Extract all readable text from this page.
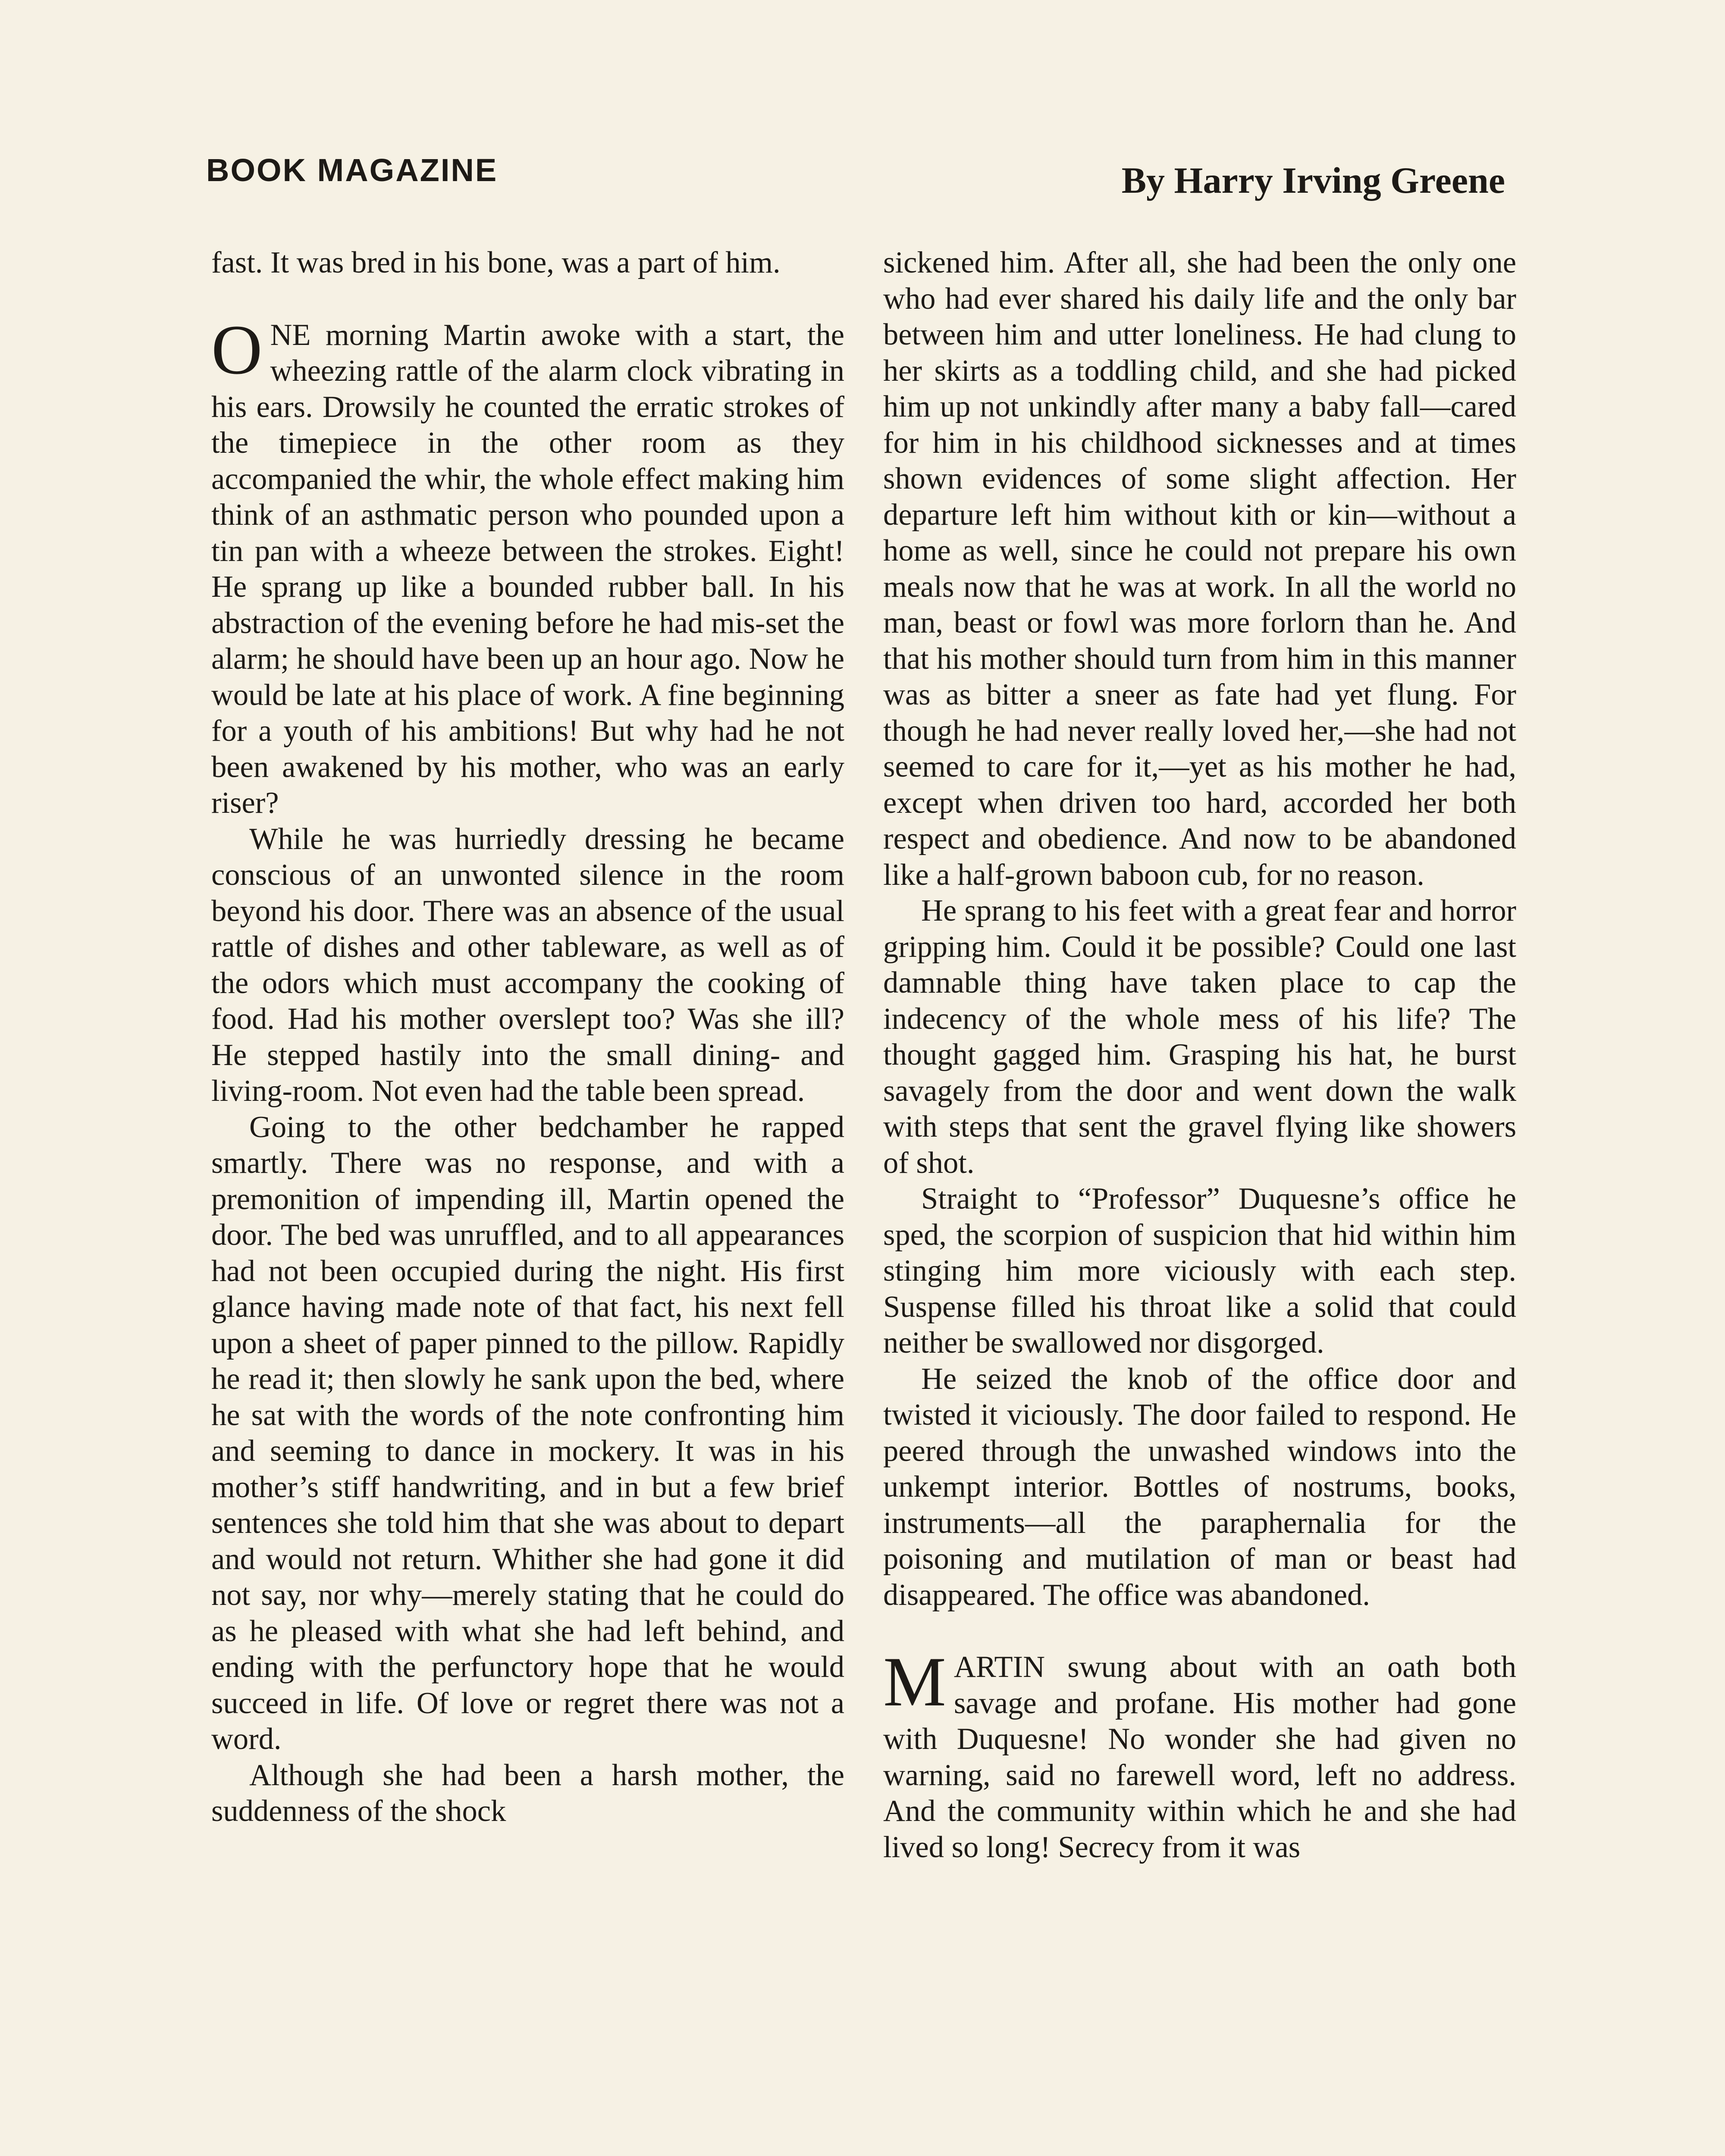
BOOK MAGAZINE	By Harry Irving Greene

fast. It was bred in his bone, was a part of him.

ONE morning Martin awoke with a start, the wheezing rattle of the alarm clock vibrating in his ears. Drowsily he counted the erratic strokes of the timepiece in the other room as they accompanied the whir, the whole effect making him think of an asthmatic person who pounded upon a tin pan with a wheeze between the strokes. Eight! He sprang up like a bounded rubber ball. In his abstraction of the evening before he had mis-set the alarm; he should have been up an hour ago. Now he would be late at his place of work. A fine beginning for a youth of his ambitions! But why had he not been awakened by his mother, who was an early riser?

While he was hurriedly dressing he became conscious of an unwonted silence in the room beyond his door. There was an absence of the usual rattle of dishes and other tableware, as well as of the odors which must accompany the cooking of food. Had his mother overslept too? Was she ill? He stepped hastily into the small dining- and living-room. Not even had the table been spread.

Going to the other bedchamber he rapped smartly. There was no response, and with a premonition of impending ill, Martin opened the door. The bed was unruffled, and to all appearances had not been occupied during the night. His first glance having made note of that fact, his next fell upon a sheet of paper pinned to the pillow. Rapidly he read it; then slowly he sank upon the bed, where he sat with the words of the note confronting him and seeming to dance in mockery. It was in his mother’s stiff handwriting, and in but a few brief sentences she told him that she was about to depart and would not return. Whither she had gone it did not say, nor why—merely stating that he could do as he pleased with what she had left behind, and ending with the perfunctory hope that he would succeed in life. Of love or regret there was not a word.

Although she had been a harsh mother, the suddenness of the shock

sickened him. After all, she had been the only one who had ever shared his daily life and the only bar between him and utter loneliness. He had clung to her skirts as a toddling child, and she had picked him up not unkindly after many a baby fall—cared for him in his childhood sicknesses and at times shown evidences of some slight affection. Her departure left him without kith or kin—without a home as well, since he could not prepare his own meals now that he was at work. In all the world no man, beast or fowl was more forlorn than he. And that his mother should turn from him in this manner was as bitter a sneer as fate had yet flung. For though he had never really loved her,—she had not seemed to care for it,—yet as his mother he had, except when driven too hard, accorded her both respect and obedience. And now to be abandoned like a half-grown baboon cub, for no reason.

He sprang to his feet with a great fear and horror gripping him. Could it be possible? Could one last damnable thing have taken place to cap the indecency of the whole mess of his life? The thought gagged him. Grasping his hat, he burst savagely from the door and went down the walk with steps that sent the gravel flying like showers of shot.

Straight to “Professor” Duquesne’s office he sped, the scorpion of suspicion that hid within him stinging him more viciously with each step. Suspense filled his throat like a solid that could neither be swallowed nor disgorged.

He seized the knob of the office door and twisted it viciously. The door failed to respond. He peered through the unwashed windows into the unkempt interior. Bottles of nostrums, books, instruments—all the paraphernalia for the poisoning and mutilation of man or beast had disappeared. The office was abandoned.

MARTIN swung about with an oath both savage and profane. His mother had gone with Duquesne! No wonder she had given no warning, said no farewell word, left no address. And the community within which he and she had lived so long! Secrecy from it was
